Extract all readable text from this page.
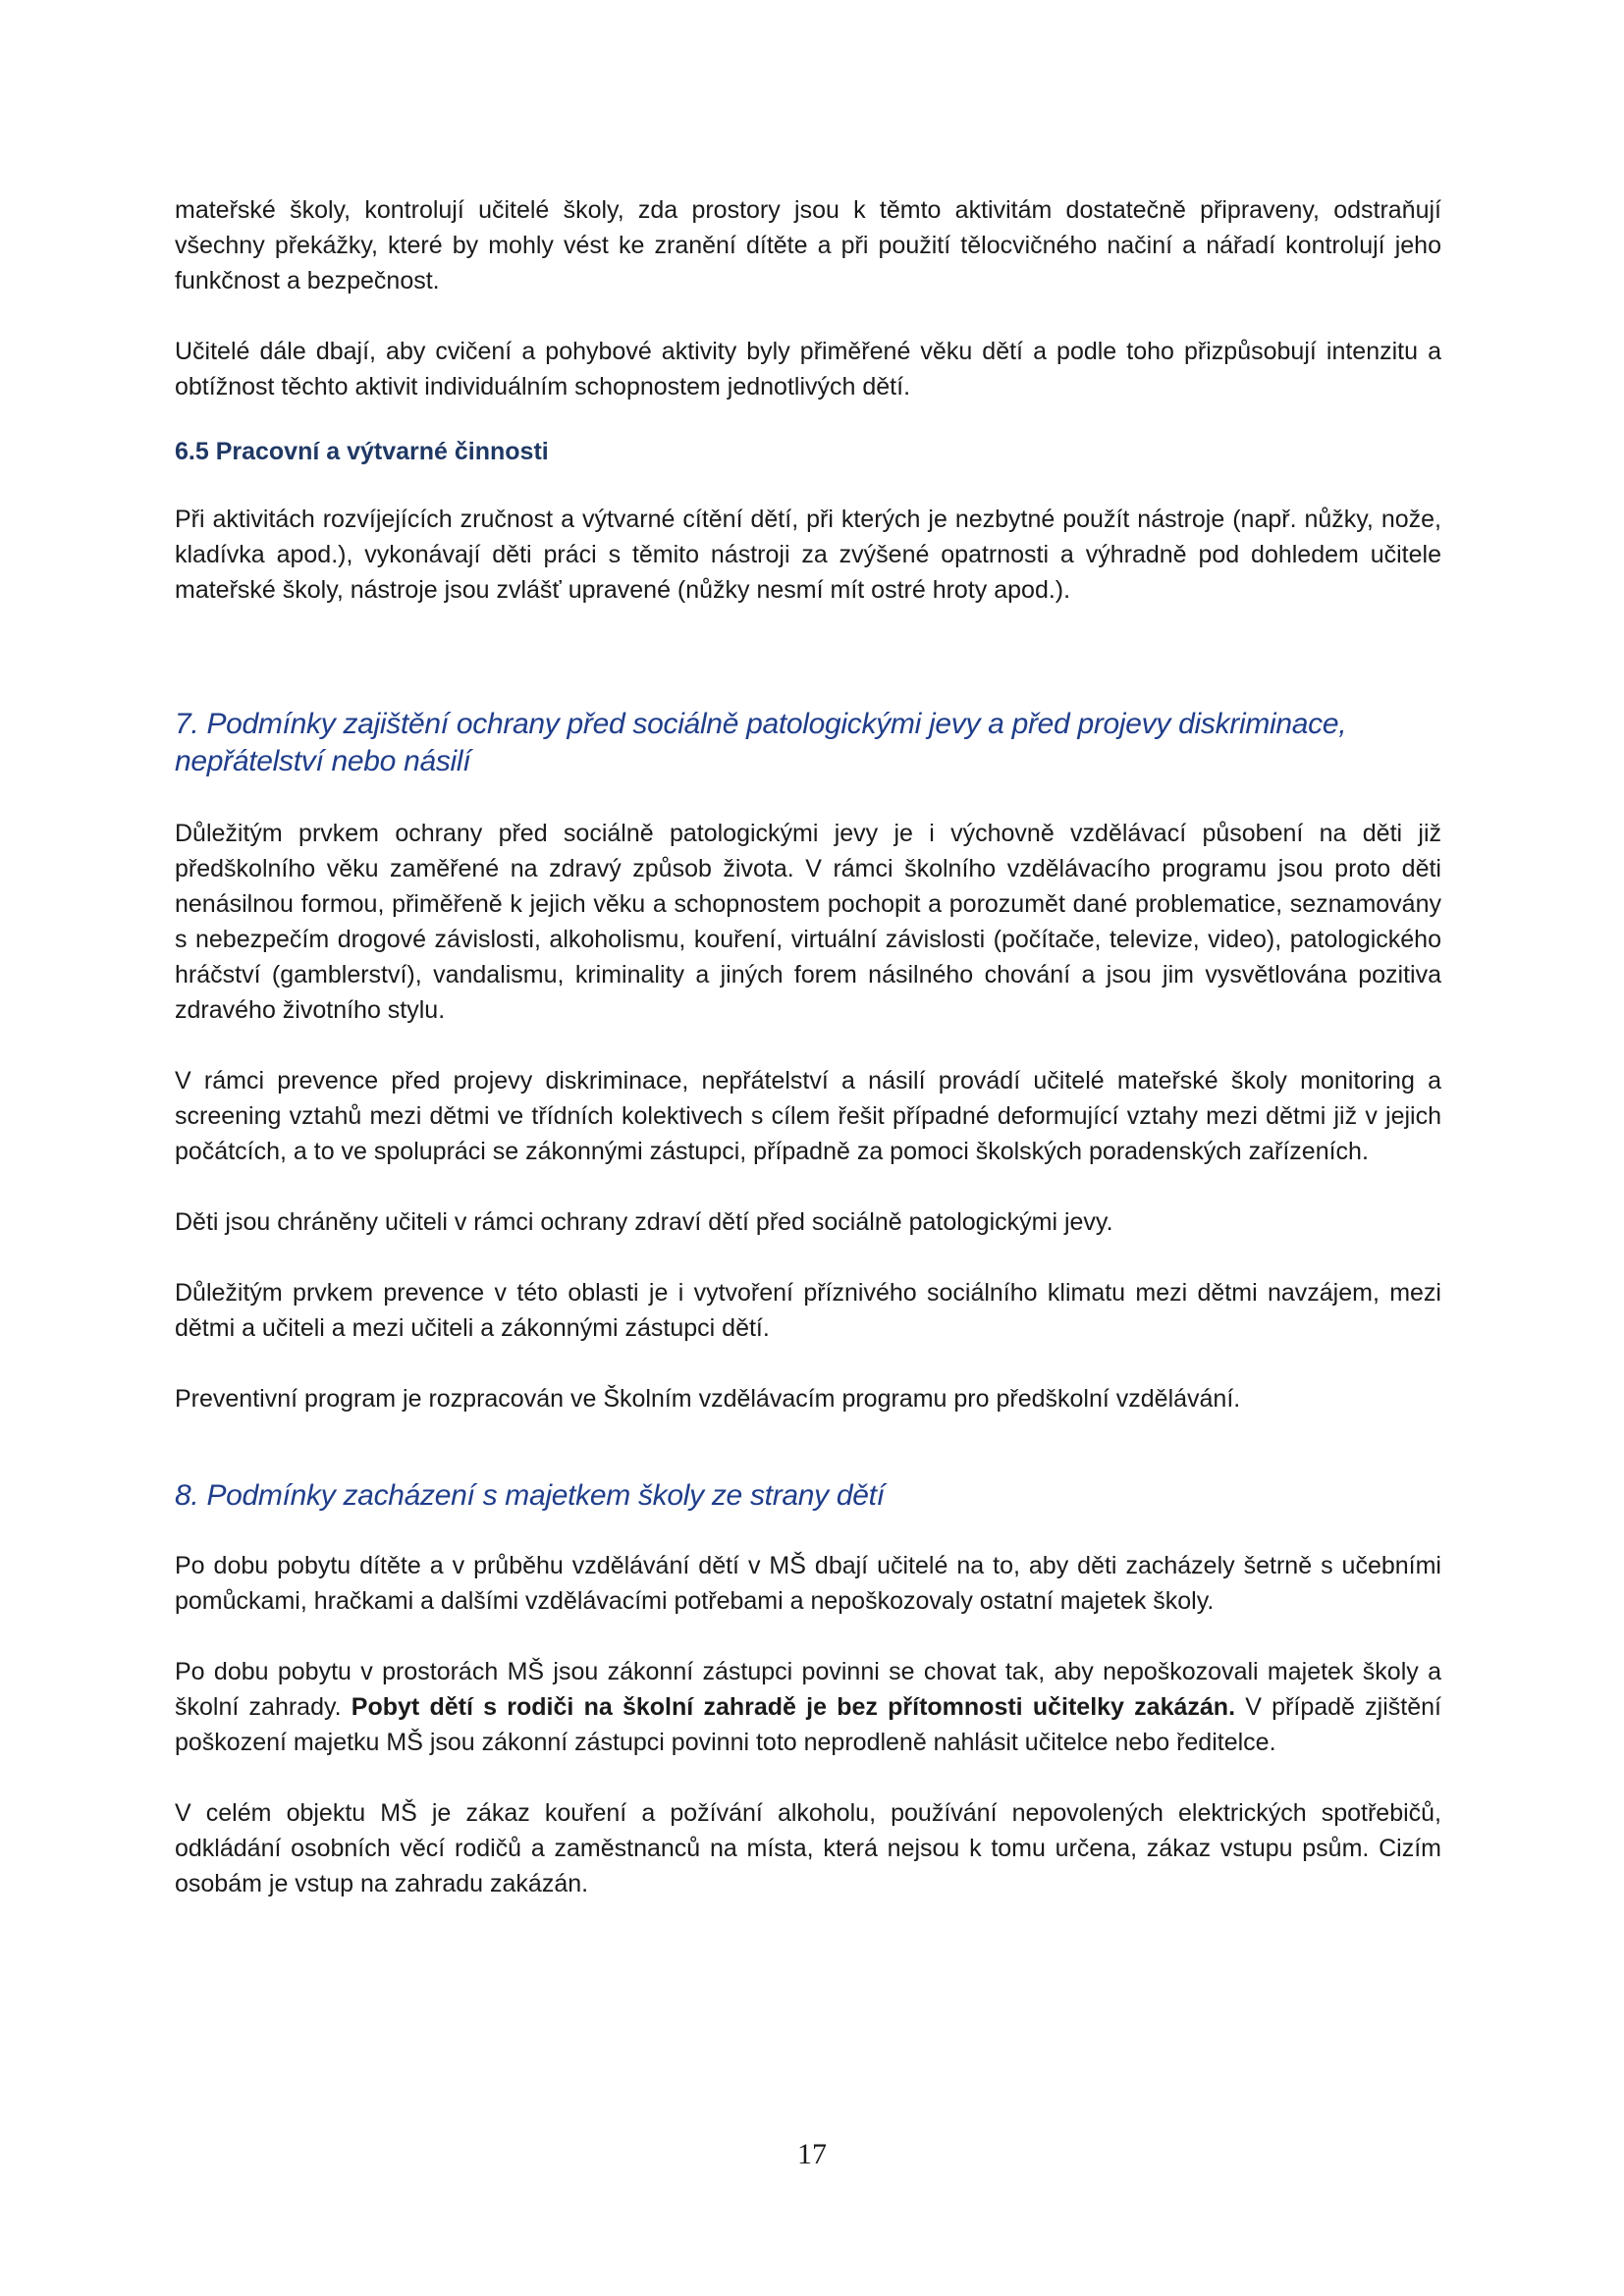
mateřské školy, kontrolují učitelé školy, zda prostory jsou k těmto aktivitám dostatečně připraveny, odstraňují všechny překážky, které by mohly vést ke zranění dítěte a při použití tělocvičného načiní a nářadí kontrolují jeho funkčnost a bezpečnost.

Učitelé dále dbají, aby cvičení a pohybové aktivity byly přiměřené věku dětí a podle toho přizpůsobují intenzitu a obtížnost těchto aktivit individuálním schopnostem jednotlivých dětí.

6.5 Pracovní a výtvarné činnosti

Při aktivitách rozvíjejících zručnost a výtvarné cítění dětí, při kterých je nezbytné použít nástroje (např. nůžky, nože, kladívka apod.), vykonávají děti práci s těmito nástroji za zvýšené opatrnosti a výhradně pod dohledem učitele mateřské školy, nástroje jsou zvlášť upravené (nůžky nesmí mít ostré hroty apod.).

7. Podmínky zajištění ochrany před sociálně patologickými jevy a před projevy diskriminace, nepřátelství nebo násilí

Důležitým prvkem ochrany před sociálně patologickými jevy je i výchovně vzdělávací působení na děti již předškolního věku zaměřené na zdravý způsob života. V rámci školního vzdělávacího programu jsou proto děti nenásilnou formou, přiměřeně k jejich věku a schopnostem pochopit a porozumět dané problematice, seznamovány s nebezpečím drogové závislosti, alkoholismu, kouření, virtuální závislosti (počítače, televize, video), patologického hráčství (gamblerství), vandalismu, kriminality a jiných forem násilného chování a jsou jim vysvětlována pozitiva zdravého životního stylu.

V rámci prevence před projevy diskriminace, nepřátelství a násilí provádí učitelé mateřské školy monitoring a screening vztahů mezi dětmi ve třídních kolektivech s cílem řešit případné deformující vztahy mezi dětmi již v jejich počátcích, a to ve spolupráci se zákonnými zástupci, případně za pomoci školských poradenských zařízeních.

Děti jsou chráněny učiteli v rámci ochrany zdraví dětí před sociálně patologickými jevy.

Důležitým prvkem prevence v této oblasti je i vytvoření příznivého sociálního klimatu mezi dětmi navzájem, mezi dětmi a učiteli a mezi učiteli a zákonnými zástupci dětí.

Preventivní program je rozpracován ve Školním vzdělávacím programu pro předškolní vzdělávání.

8. Podmínky zacházení s majetkem školy ze strany dětí

Po dobu pobytu dítěte a v průběhu vzdělávání dětí v MŠ dbají učitelé na to, aby děti zacházely šetrně s učebními pomůckami, hračkami a dalšími vzdělávacími potřebami a nepoškozovaly ostatní majetek školy.

Po dobu pobytu v prostorách MŠ jsou zákonní zástupci povinni se chovat tak, aby nepoškozovali majetek školy a školní zahrady. Pobyt dětí s rodiči na školní zahradě je bez přítomnosti učitelky zakázán. V případě zjištění poškození majetku MŠ jsou zákonní zástupci povinni toto neprodleně nahlásit učitelce nebo ředitelce.

V celém objektu MŠ je zákaz kouření a požívání alkoholu, používání nepovolených elektrických spotřebičů, odkládání osobních věcí rodičů a zaměstnanců na místa, která nejsou k tomu určena, zákaz vstupu psům. Cizím osobám je vstup na zahradu zakázán.

17
